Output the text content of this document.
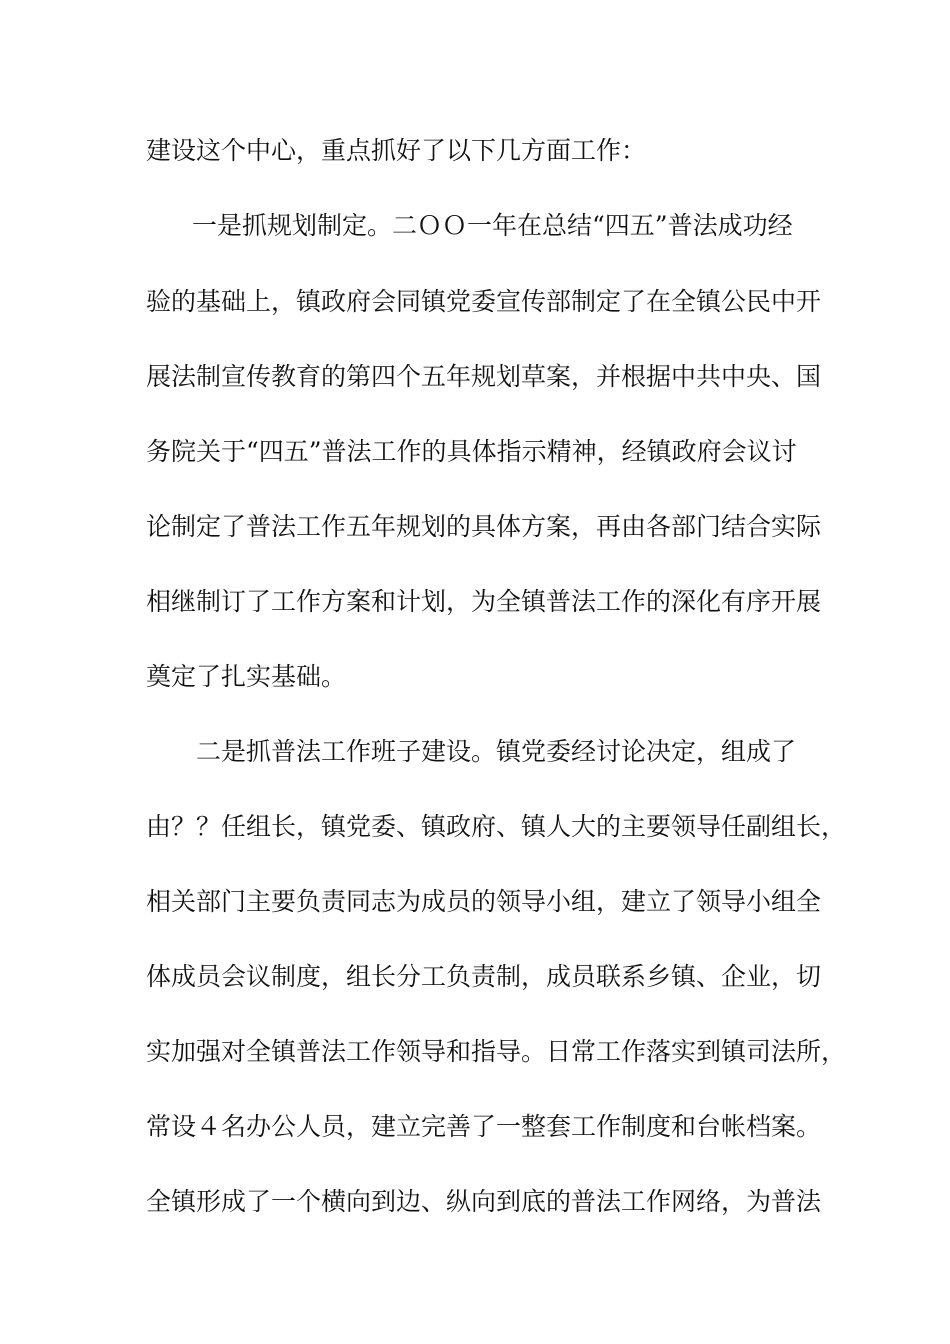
建设这个中心，重点抓好了以下几方面工作：
一是抓规划制定。二ＯＯ一年在总结“四五”普法成功经
验的基础上，镇政府会同镇党委宣传部制定了在全镇公民中开
展法制宣传教育的第四个五年规划草案，并根据中共中央、国
务院关于“四五”普法工作的具体指示精神，经镇政府会议讨
论制定了普法工作五年规划的具体方案，再由各部门结合实际
相继制订了工作方案和计划，为全镇普法工作的深化有序开展
奠定了扎实基础。
二是抓普法工作班子建设。镇党委经讨论决定，组成了
由？？任组长，镇党委、镇政府、镇人大的主要领导任副组长，
相关部门主要负责同志为成员的领导小组，建立了领导小组全
体成员会议制度，组长分工负责制，成员联系乡镇、企业，切
实加强对全镇普法工作领导和指导。日常工作落实到镇司法所，
常设４名办公人员，建立完善了一整套工作制度和台帐档案。
全镇形成了一个横向到边、纵向到底的普法工作网络，为普法
